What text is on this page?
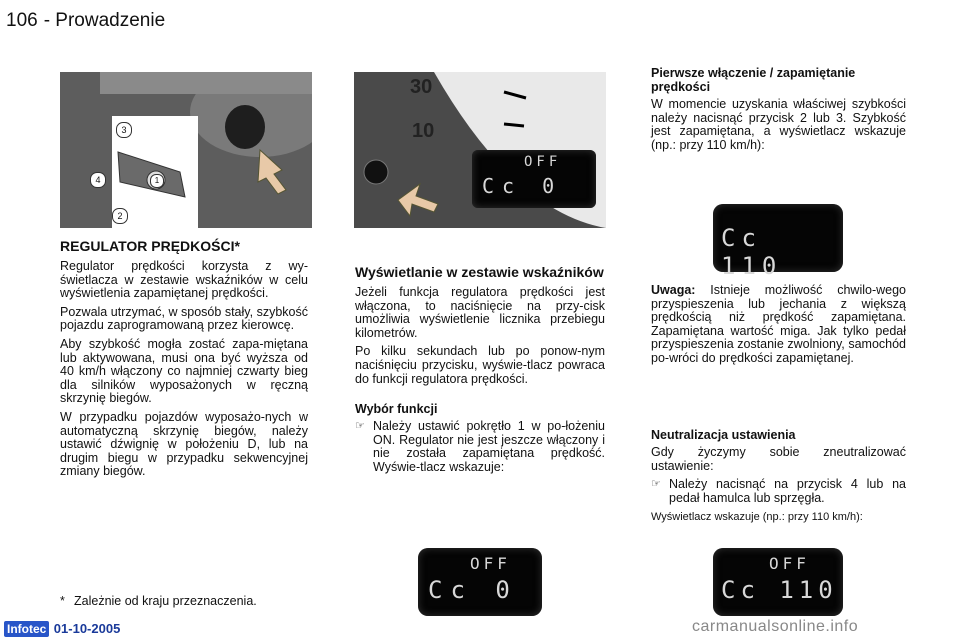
106 - Prowadzenie
3
4	1
2
30
10
OFF
Cc 0
REGULATOR PRĘDKOŚCI*

Regulator prędkości korzysta z wy-świetlacza w zestawie wskaźników w celu wyświetlenia zapamiętanej prędkości.

Pozwala utrzymać, w sposób stały, szybkość pojazdu zaprogramowaną przez kierowcę.

Aby szybkość mogła zostać zapa-miętana lub aktywowana, musi ona być wyższa od 40 km/h włączony co najmniej czwarty bieg dla silników wyposażonych w ręczną skrzynię biegów.

W przypadku pojazdów wyposażo-nych w automatyczną skrzynię biegów, należy ustawić dźwignię w położeniu D, lub na drugim biegu w przypadku sekwencyjnej zmiany biegów.

* Zależnie od kraju przeznaczenia.
Wyświetlanie w zestawie wskaźników

Jeżeli funkcja regulatora prędkości jest włączona, to naciśnięcie na przy-cisk umożliwia wyświetlenie licznika przebiegu kilometrów.

Po kilku sekundach lub po ponow-nym naciśnięciu przycisku, wyświe-tlacz powraca do funkcji regulatora prędkości.

Wybór funkcji
☞ Należy ustawić pokrętło 1 w po-łożeniu ON. Regulator nie jest jeszcze włączony i nie została zapamiętana prędkość. Wyświe-tlacz wskazuje:
OFF
Cc 0
Pierwsze włączenie / zapamiętanie prędkości

W momencie uzyskania właściwej szybkości należy nacisnąć przycisk 2 lub 3. Szybkość jest zapamiętana, a wyświetlacz wskazuje (np.: przy 110 km/h):

Cc 110

Uwaga: Istnieje możliwość chwilo-wego przyspieszenia lub jechania z większą prędkością niż prędkość zapamiętana. Zapamiętana wartość miga. Jak tylko pedał przyspieszenia zostanie zwolniony, samochód po-wróci do prędkości zapamiętanej.

Neutralizacja ustawienia

Gdy życzymy sobie zneutralizować ustawienie:

☞ Należy nacisnąć na przycisk 4 lub na pedał hamulca lub sprzęgła.

Wyświetlacz wskazuje (np.: przy 110 km/h):

OFF
Cc 110
Infotec 01-10-2005	carmanualsonline.info
